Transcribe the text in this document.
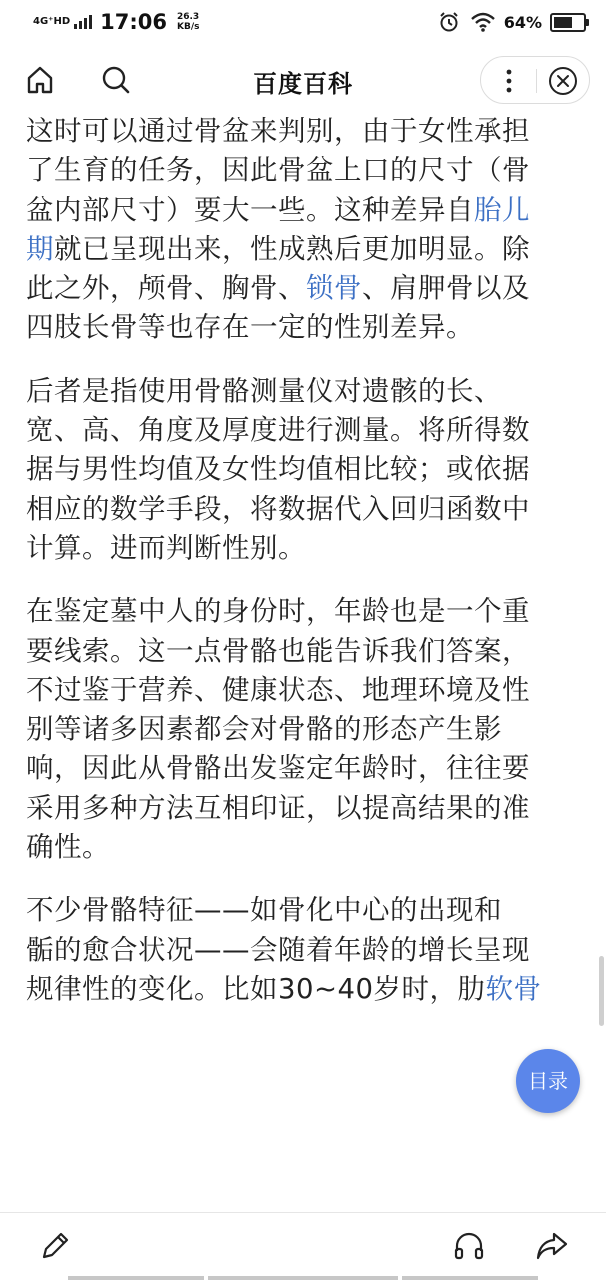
4G⁺HD 17:06 26.3
KB/s	64%
百度百科

这时可以通过骨盆来判别，由于女性承担
了生育的任务，因此骨盆上口的尺寸（骨
盆内部尺寸）要大一些。这种差异自胎儿
期就已呈现出来，性成熟后更加明显。除
此之外，颅骨、胸骨、锁骨、肩胛骨以及
四肢长骨等也存在一定的性别差异。

后者是指使用骨骼测量仪对遗骸的长、
宽、高、角度及厚度进行测量。将所得数
据与男性均值及女性均值相比较；或依据
相应的数学手段，将数据代入回归函数中
计算。进而判断性别。

在鉴定墓中人的身份时，年龄也是一个重
要线索。这一点骨骼也能告诉我们答案，
不过鉴于营养、健康状态、地理环境及性
别等诸多因素都会对骨骼的形态产生影
响，因此从骨骼出发鉴定年龄时，往往要
采用多种方法互相印证，以提高结果的准
确性。

不少骨骼特征——如骨化中心的出现和
骺的愈合状况——会随着年龄的增长呈现
规律性的变化。比如30~40岁时，肋软骨

目录
